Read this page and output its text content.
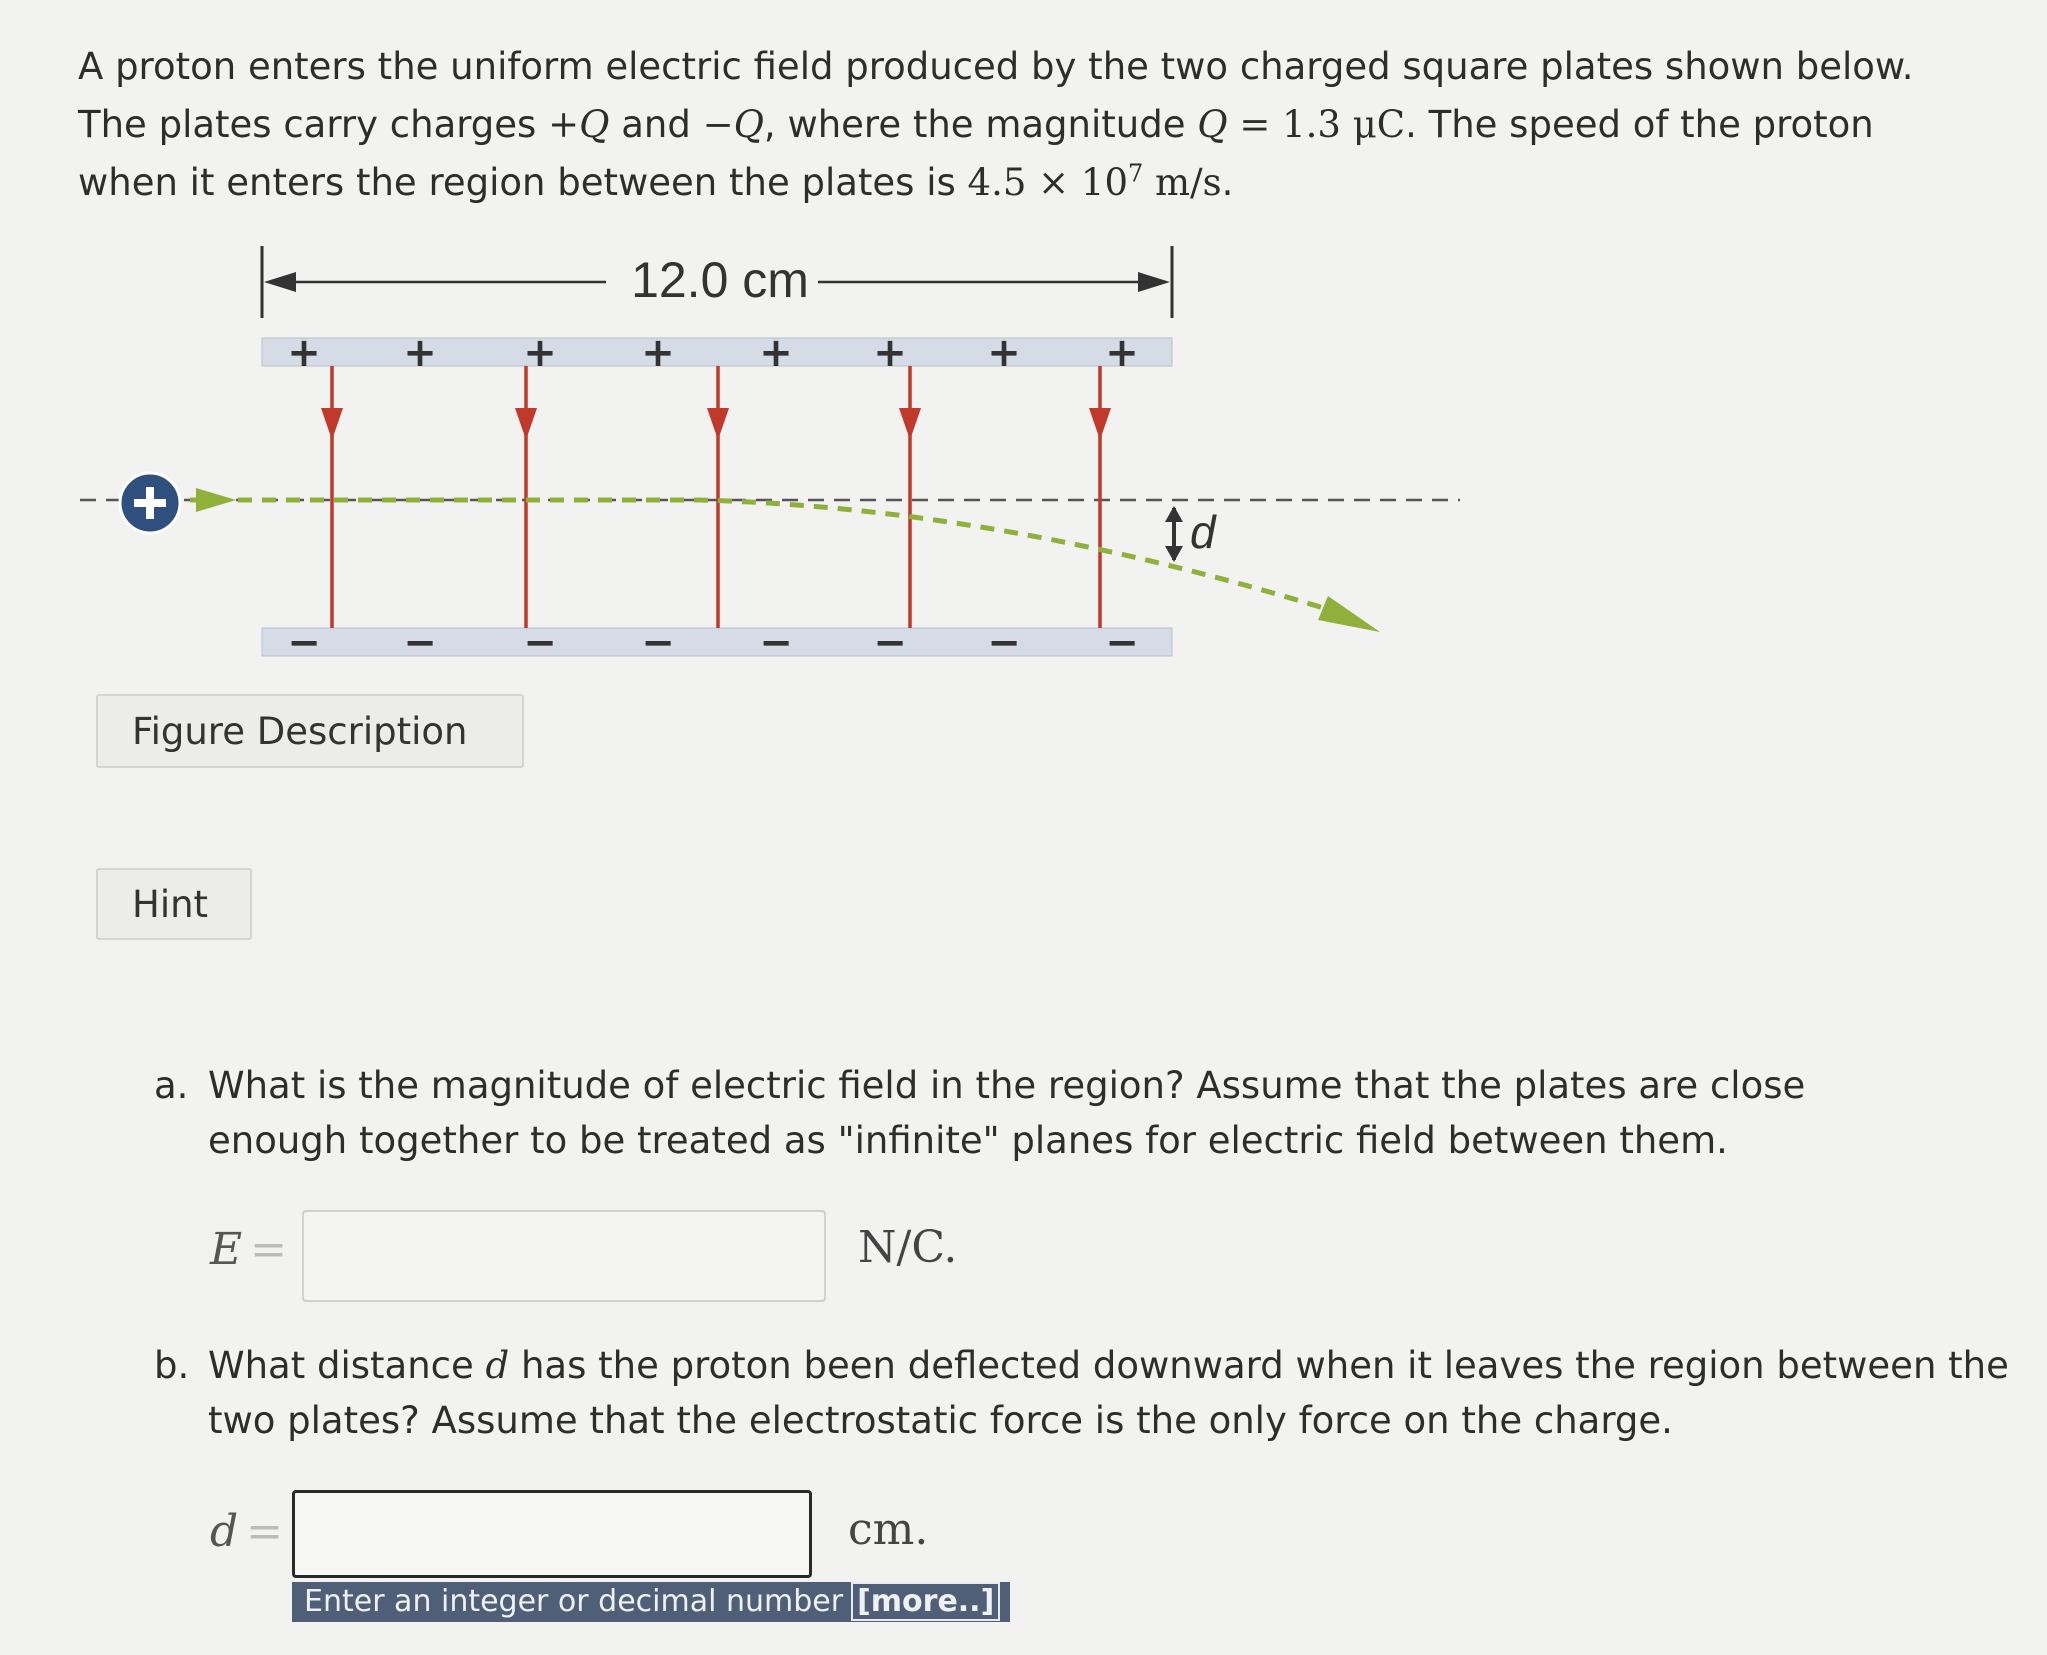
A proton enters the uniform electric field produced by the two charged square plates shown below. The plates carry charges +Q and −Q, where the magnitude Q = 1.3 μC. The speed of the proton when it enters the region between the plates is $4.5 \times 10^7$ m/s.
12.0 cm
+ + + + + + + +
− − − − − − − −
d
Figure Description
Hint
a. What is the magnitude of electric field in the region? Assume that the plates are close enough together to be treated as "infinite" planes for electric field between them.
E =	N/C.
b. What distance d has the proton been deflected downward when it leaves the region between the two plates? Assume that the electrostatic force is the only force on the charge.
d =	cm.
Enter an integer or decimal number [more..]
